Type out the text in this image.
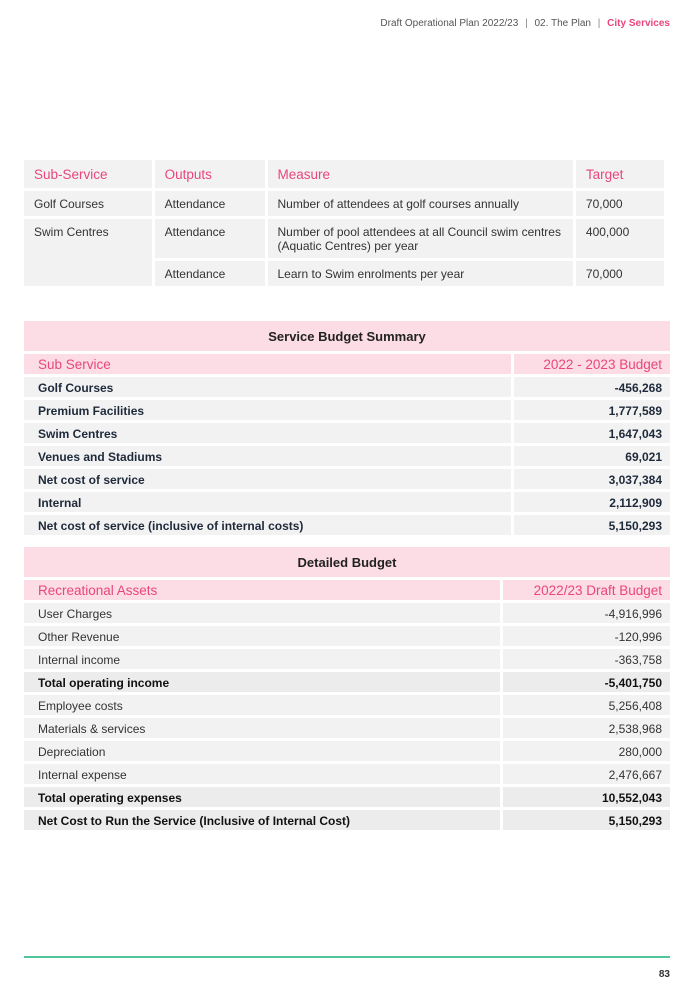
Draft Operational Plan 2022/23 | 02. The Plan | City Services
Sub-Service	Outputs	Measure	Target
Golf Courses	Attendance	Number of attendees at golf courses annually	70,000
Swim Centres	Attendance	Number of pool attendees at all Council swim centres (Aquatic Centres) per year	400,000
	Attendance	Learn to Swim enrolments per year	70,000
Service Budget Summary		
Sub Service		2022 - 2023 Budget
Golf Courses		-456,268
Premium Facilities		1,777,589
Swim Centres		1,647,043
Venues and Stadiums		69,021
Net cost of service		3,037,384
Internal		2,112,909
Net cost of service (inclusive of internal costs)		5,150,293
Detailed Budget		
Recreational Assets		2022/23 Draft Budget
User Charges		-4,916,996
Other Revenue		-120,996
Internal income		-363,758
Total operating income		-5,401,750
Employee costs		5,256,408
Materials & services		2,538,968
Depreciation		280,000
Internal expense		2,476,667
Total operating expenses		10,552,043
Net Cost to Run the Service (Inclusive of Internal Cost)		5,150,293
83
